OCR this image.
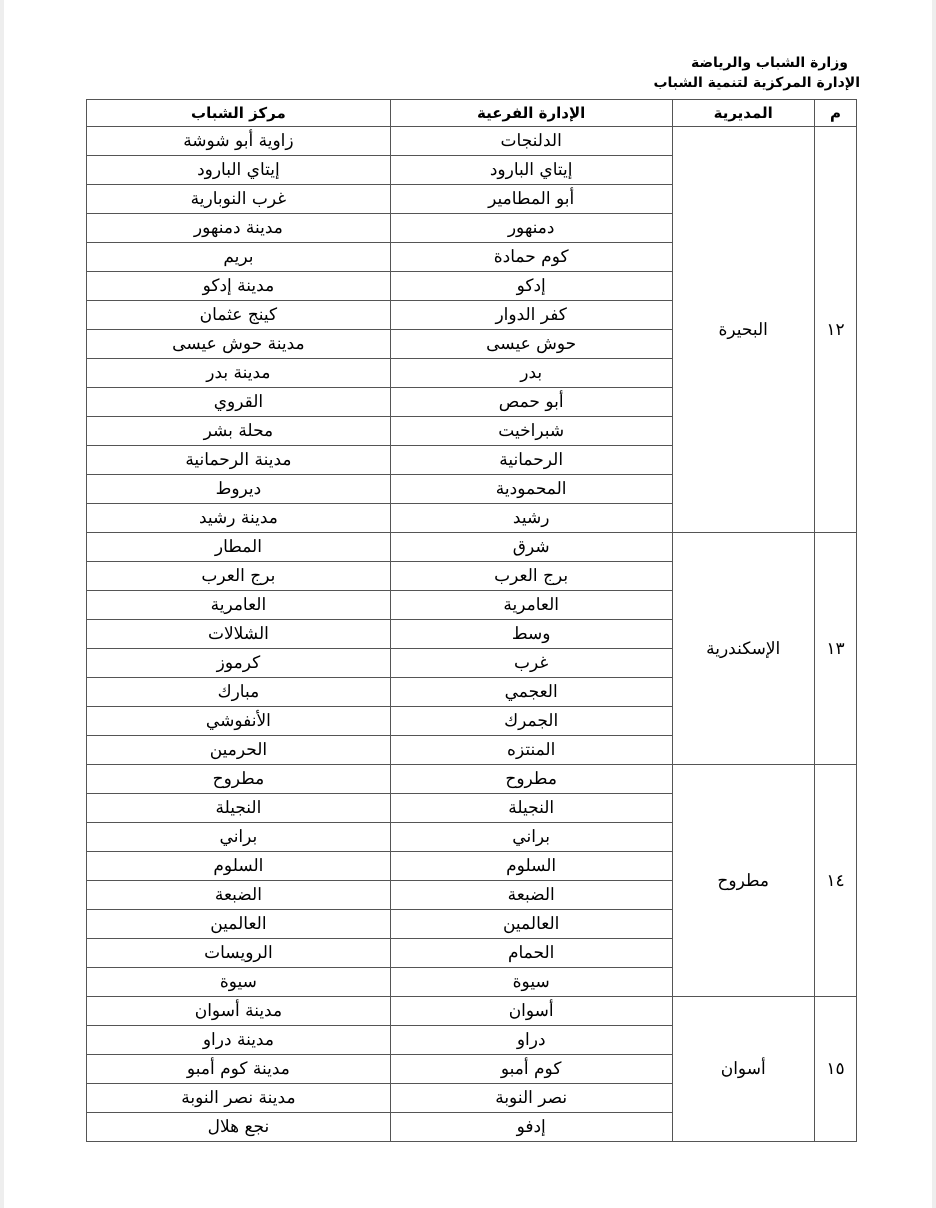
وزارة الشباب والرياضة
الإدارة المركزية لتنمية الشباب
م	المديرية	الإدارة الفرعية	مركز الشباب
١٢	البحيرة	الدلنجات	زاوية أبو شوشة
		إيتاي البارود	إيتاي البارود
		أبو المطامير	غرب النوبارية
		دمنهور	مدينة دمنهور
		كوم حمادة	بريم
		إدكو	مدينة إدكو
		كفر الدوار	كينج عثمان
		حوش عيسى	مدينة حوش عيسى
		بدر	مدينة بدر
		أبو حمص	القروي
		شبراخيت	محلة بشر
		الرحمانية	مدينة الرحمانية
		المحمودية	ديروط
		رشيد	مدينة رشيد
١٣	الإسكندرية	شرق	المطار
		برج العرب	برج العرب
		العامرية	العامرية
		وسط	الشلالات
		غرب	كرموز
		العجمي	مبارك
		الجمرك	الأنفوشي
		المنتزه	الحرمين
١٤	مطروح	مطروح	مطروح
		النجيلة	النجيلة
		براني	براني
		السلوم	السلوم
		الضبعة	الضبعة
		العالمين	العالمين
		الحمام	الرويسات
		سيوة	سيوة
١٥	أسوان	أسوان	مدينة أسوان
		دراو	مدينة دراو
		كوم أمبو	مدينة كوم أمبو
		نصر النوبة	مدينة نصر النوبة
		إدفو	نجع هلال
